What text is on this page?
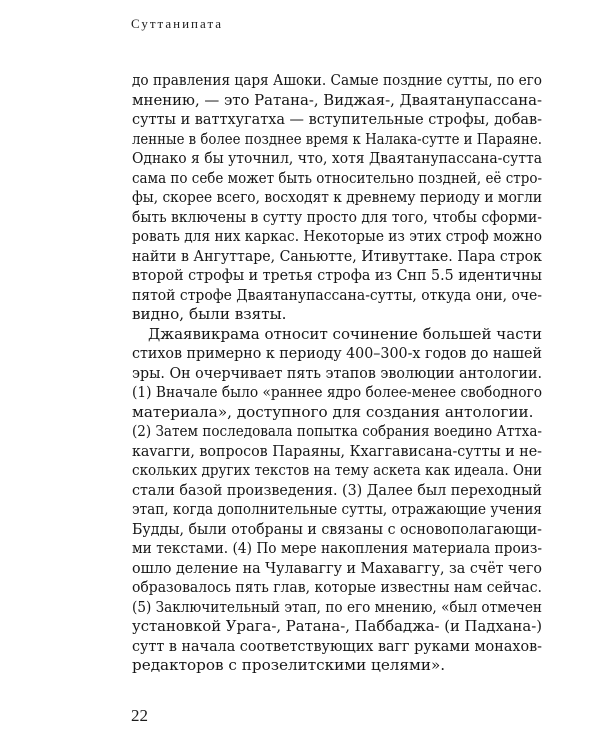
Суттанипата
до правления царя Ашоки. Самые поздние сутты, по его
мнению, — это Ратана-, Виджая-, Дваятанупассана-
сутты и ваттхугатха — вступительные строфы, добав-
ленные в более позднее время к Налака-сутте и Параяне.
Однако я бы уточнил, что, хотя Дваятанупассана-сутта
сама по себе может быть относительно поздней, её стро-
фы, скорее всего, восходят к древнему периоду и могли
быть включены в сутту просто для того, чтобы сформи-
ровать для них каркас. Некоторые из этих строф можно
найти в Ангуттаре, Саньютте, Итивуттаке. Пара строк
второй строфы и третья строфа из Снп 5.5 идентичны
пятой строфе Дваятанупассана-сутты, откуда они, оче-
видно, были взяты.
Джаявикрама относит сочинение большей части
стихов примерно к периоду 400–300-х годов до нашей
эры. Он очерчивает пять этапов эволюции антологии.
(1) Вначале было «раннее ядро более-менее свободного
материала», доступного для создания антологии.
(2) Затем последовала попытка собрания воедино Аттха-
каvагги, вопросов Параяны, Кхаггависана-сутты и не-
скольких других текстов на тему аскета как идеала. Они
стали базой произведения. (3) Далее был переходный
этап, когда дополнительные сутты, отражающие учения
Будды, были отобраны и связаны с основополагающи-
ми текстами. (4) По мере накопления материала произ-
ошло деление на Чулавaггу и Махаваггу, за счёт чего
образовалось пять глав, которые известны нам сейчас.
(5) Заключительный этап, по его мнению, «был отмечен
установкой Урага-, Ратана-, Паббаджа- (и Падхана-)
сутт в начала соответствующих вагг руками монахов-
редакторов с прозелитскими целями».
22
